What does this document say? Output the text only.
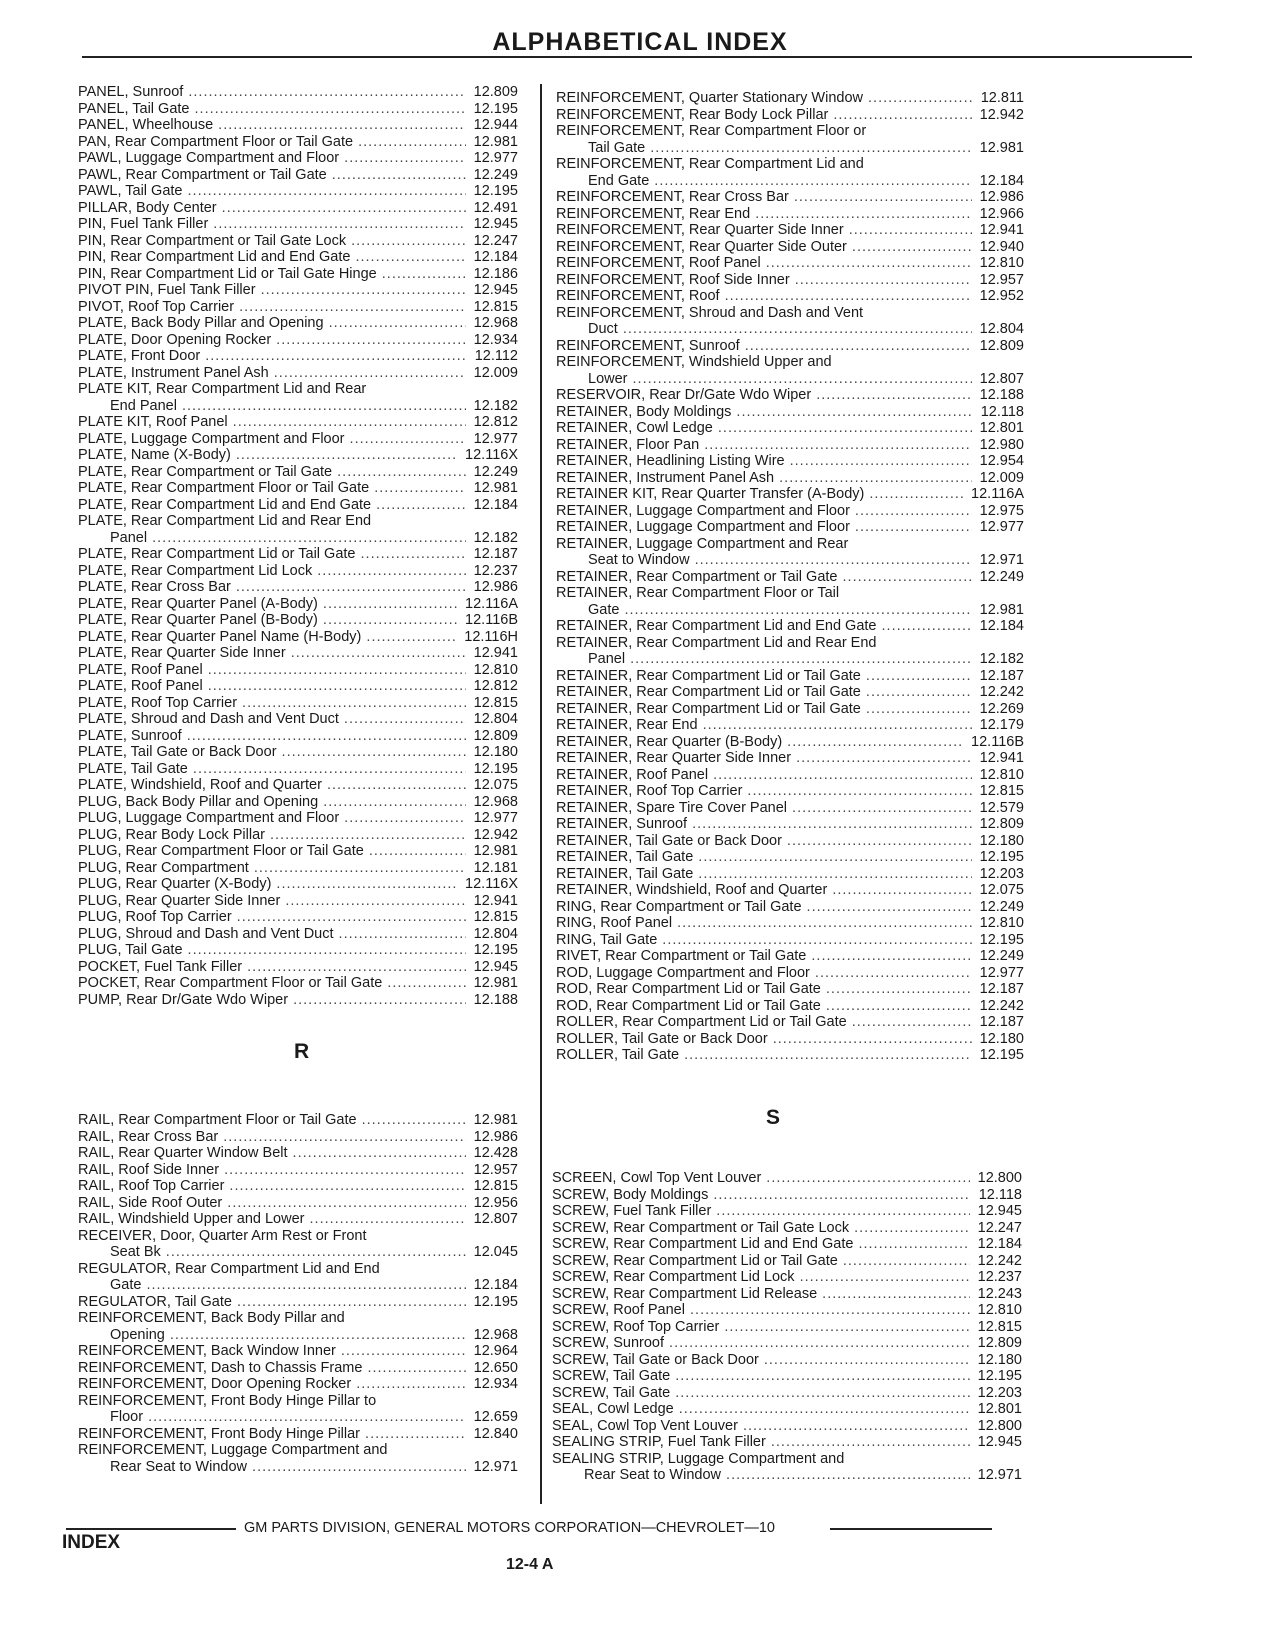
ALPHABETICAL INDEX
PANEL, Sunroof .....	12.809
PANEL, Tail Gate .....	12.195
PANEL, Wheelhouse .....	12.944
PAN, Rear Compartment Floor or Tail Gate .....	12.981
PAWL, Luggage Compartment and Floor .....	12.977
PAWL, Rear Compartment or Tail Gate .....	12.249
PAWL, Tail Gate .....	12.195
PILLAR, Body Center .....	12.491
PIN, Fuel Tank Filler .....	12.945
PIN, Rear Compartment or Tail Gate Lock .....	12.247
PIN, Rear Compartment Lid and End Gate .....	12.184
PIN, Rear Compartment Lid or Tail Gate Hinge .....	12.186
PIVOT PIN, Fuel Tank Filler .....	12.945
PIVOT, Roof Top Carrier .....	12.815
PLATE, Back Body Pillar and Opening .....	12.968
PLATE, Door Opening Rocker .....	12.934
PLATE, Front Door .....	12.112
PLATE, Instrument Panel Ash .....	12.009
PLATE KIT, Rear Compartment Lid and Rear
End Panel .....	12.182
PLATE KIT, Roof Panel .....	12.812
PLATE, Luggage Compartment and Floor .....	12.977
PLATE, Name (X-Body) .....	12.116X
PLATE, Rear Compartment or Tail Gate .....	12.249
PLATE, Rear Compartment Floor or Tail Gate .....	12.981
PLATE, Rear Compartment Lid and End Gate .....	12.184
PLATE, Rear Compartment Lid and Rear End
Panel .....	12.182
PLATE, Rear Compartment Lid or Tail Gate .....	12.187
PLATE, Rear Compartment Lid Lock .....	12.237
PLATE, Rear Cross Bar .....	12.986
PLATE, Rear Quarter Panel (A-Body) .....	12.116A
PLATE, Rear Quarter Panel (B-Body) .....	12.116B
PLATE, Rear Quarter Panel Name (H-Body) .....	12.116H
PLATE, Rear Quarter Side Inner .....	12.941
PLATE, Roof Panel .....	12.810
PLATE, Roof Panel .....	12.812
PLATE, Roof Top Carrier .....	12.815
PLATE, Shroud and Dash and Vent Duct .....	12.804
PLATE, Sunroof .....	12.809
PLATE, Tail Gate or Back Door .....	12.180
PLATE, Tail Gate .....	12.195
PLATE, Windshield, Roof and Quarter .....	12.075
PLUG, Back Body Pillar and Opening .....	12.968
PLUG, Luggage Compartment and Floor .....	12.977
PLUG, Rear Body Lock Pillar .....	12.942
PLUG, Rear Compartment Floor or Tail Gate .....	12.981
PLUG, Rear Compartment .....	12.181
PLUG, Rear Quarter (X-Body) .....	12.116X
PLUG, Rear Quarter Side Inner .....	12.941
PLUG, Roof Top Carrier .....	12.815
PLUG, Shroud and Dash and Vent Duct .....	12.804
PLUG, Tail Gate .....	12.195
POCKET, Fuel Tank Filler .....	12.945
POCKET, Rear Compartment Floor or Tail Gate .....	12.981
PUMP, Rear Dr/Gate Wdo Wiper .....	12.188
R
RAIL, Rear Compartment Floor or Tail Gate .....	12.981
RAIL, Rear Cross Bar .....	12.986
RAIL, Rear Quarter Window Belt .....	12.428
RAIL, Roof Side Inner .....	12.957
RAIL, Roof Top Carrier .....	12.815
RAIL, Side Roof Outer .....	12.956
RAIL, Windshield Upper and Lower .....	12.807
RECEIVER, Door, Quarter Arm Rest or Front
Seat Bk .....	12.045
REGULATOR, Rear Compartment Lid and End
Gate .....	12.184
REGULATOR, Tail Gate .....	12.195
REINFORCEMENT, Back Body Pillar and
Opening .....	12.968
REINFORCEMENT, Back Window Inner .....	12.964
REINFORCEMENT, Dash to Chassis Frame .....	12.650
REINFORCEMENT, Door Opening Rocker .....	12.934
REINFORCEMENT, Front Body Hinge Pillar to
Floor .....	12.659
REINFORCEMENT, Front Body Hinge Pillar .....	12.840
REINFORCEMENT, Luggage Compartment and
Rear Seat to Window .....	12.971
REINFORCEMENT, Quarter Stationary Window .....	12.811
REINFORCEMENT, Rear Body Lock Pillar .....	12.942
REINFORCEMENT, Rear Compartment Floor or
Tail Gate .....	12.981
REINFORCEMENT, Rear Compartment Lid and
End Gate .....	12.184
REINFORCEMENT, Rear Cross Bar .....	12.986
REINFORCEMENT, Rear End .....	12.966
REINFORCEMENT, Rear Quarter Side Inner .....	12.941
REINFORCEMENT, Rear Quarter Side Outer .....	12.940
REINFORCEMENT, Roof Panel .....	12.810
REINFORCEMENT, Roof Side Inner .....	12.957
REINFORCEMENT, Roof .....	12.952
REINFORCEMENT, Shroud and Dash and Vent
Duct .....	12.804
REINFORCEMENT, Sunroof .....	12.809
REINFORCEMENT, Windshield Upper and
Lower .....	12.807
RESERVOIR, Rear Dr/Gate Wdo Wiper .....	12.188
RETAINER, Body Moldings .....	12.118
RETAINER, Cowl Ledge .....	12.801
RETAINER, Floor Pan .....	12.980
RETAINER, Headlining Listing Wire .....	12.954
RETAINER, Instrument Panel Ash .....	12.009
RETAINER KIT, Rear Quarter Transfer (A-Body) .....	12.116A
RETAINER, Luggage Compartment and Floor .....	12.975
RETAINER, Luggage Compartment and Floor .....	12.977
RETAINER, Luggage Compartment and Rear
Seat to Window .....	12.971
RETAINER, Rear Compartment or Tail Gate .....	12.249
RETAINER, Rear Compartment Floor or Tail
Gate .....	12.981
RETAINER, Rear Compartment Lid and End Gate .....	12.184
RETAINER, Rear Compartment Lid and Rear End
Panel .....	12.182
RETAINER, Rear Compartment Lid or Tail Gate .....	12.187
RETAINER, Rear Compartment Lid or Tail Gate .....	12.242
RETAINER, Rear Compartment Lid or Tail Gate .....	12.269
RETAINER, Rear End .....	12.179
RETAINER, Rear Quarter (B-Body) .....	12.116B
RETAINER, Rear Quarter Side Inner .....	12.941
RETAINER, Roof Panel .....	12.810
RETAINER, Roof Top Carrier .....	12.815
RETAINER, Spare Tire Cover Panel .....	12.579
RETAINER, Sunroof .....	12.809
RETAINER, Tail Gate or Back Door .....	12.180
RETAINER, Tail Gate .....	12.195
RETAINER, Tail Gate .....	12.203
RETAINER, Windshield, Roof and Quarter .....	12.075
RING, Rear Compartment or Tail Gate .....	12.249
RING, Roof Panel .....	12.810
RING, Tail Gate .....	12.195
RIVET, Rear Compartment or Tail Gate .....	12.249
ROD, Luggage Compartment and Floor .....	12.977
ROD, Rear Compartment Lid or Tail Gate .....	12.187
ROD, Rear Compartment Lid or Tail Gate .....	12.242
ROLLER, Rear Compartment Lid or Tail Gate .....	12.187
ROLLER, Tail Gate or Back Door .....	12.180
ROLLER, Tail Gate .....	12.195
S
SCREEN, Cowl Top Vent Louver .....	12.800
SCREW, Body Moldings .....	12.118
SCREW, Fuel Tank Filler .....	12.945
SCREW, Rear Compartment or Tail Gate Lock .....	12.247
SCREW, Rear Compartment Lid and End Gate .....	12.184
SCREW, Rear Compartment Lid or Tail Gate .....	12.242
SCREW, Rear Compartment Lid Lock .....	12.237
SCREW, Rear Compartment Lid Release .....	12.243
SCREW, Roof Panel .....	12.810
SCREW, Roof Top Carrier .....	12.815
SCREW, Sunroof .....	12.809
SCREW, Tail Gate or Back Door .....	12.180
SCREW, Tail Gate .....	12.195
SCREW, Tail Gate .....	12.203
SEAL, Cowl Ledge .....	12.801
SEAL, Cowl Top Vent Louver .....	12.800
SEALING STRIP, Fuel Tank Filler .....	12.945
SEALING STRIP, Luggage Compartment and
Rear Seat to Window .....	12.971
GM PARTS DIVISION, GENERAL MOTORS CORPORATION—CHEVROLET—10
INDEX
12-4 A
